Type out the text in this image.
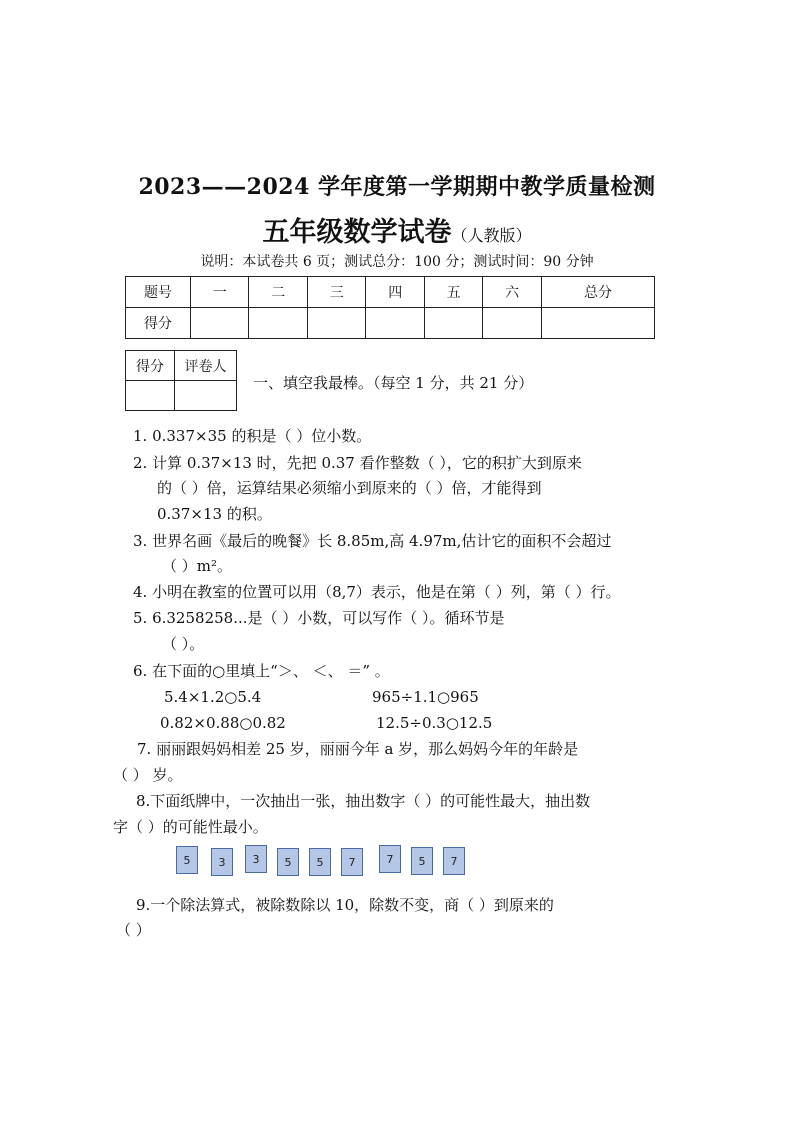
2023——2024 学年度第一学期期中教学质量检测
五年级数学试卷（人教版）
说明：本试卷共 6 页；测试总分：100 分；测试时间：90 分钟
题号	一	二	三	四	五	六	总分
得分							
得分	评卷人

一、填空我最棒。（每空 1 分，共 21 分）
1. 0.337×35 的积是（ ）位小数。
2. 计算 0.37×13 时，先把 0.37 看作整数（ ），它的积扩大到原来
的（ ）倍，运算结果必须缩小到原来的（ ）倍，才能得到
0.37×13 的积。
3. 世界名画《最后的晚餐》长 8.85m,高 4.97m,估计它的面积不会超过
（ ）m²。
4. 小明在教室的位置可以用（8,7）表示，他是在第（ ）列，第（ ）行。
5. 6.3258258...是（ ）小数，可以写作（ ）。循环节是
（ ）。
6. 在下面的○里填上“＞、 ＜、 ＝” 。
5.4×1.2○5.4	965÷1.1○965
0.82×0.88○0.82	12.5÷0.3○12.5
7. 丽丽跟妈妈相差 25 岁，丽丽今年 a 岁，那么妈妈今年的年龄是
（ ） 岁。
8.下面纸牌中，一次抽出一张，抽出数字（ ）的可能性最大，抽出数
字（ ）的可能性最小。
5	3	3	5	5	7	7	5	7
9.一个除法算式，被除数除以 10，除数不变，商（ ）到原来的
（ ）
